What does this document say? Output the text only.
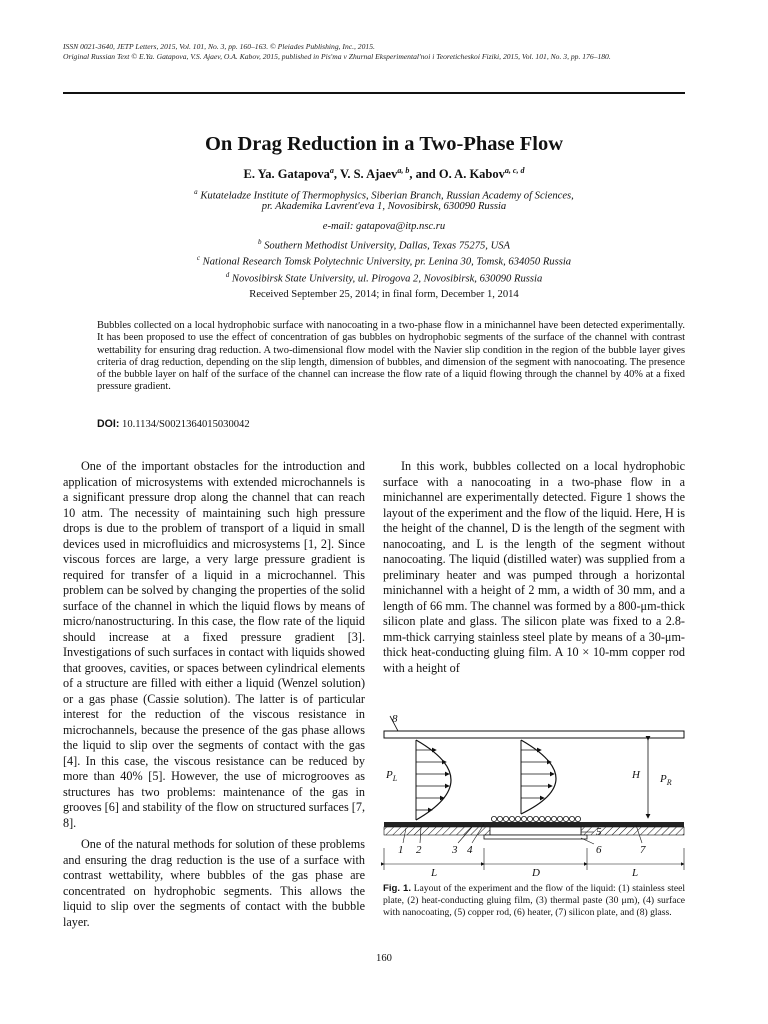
ISSN 0021-3640, JETP Letters, 2015, Vol. 101, No. 3, pp. 160–163. © Pleiades Publishing, Inc., 2015.
Original Russian Text © E.Ya. Gatapova, V.S. Ajaev, O.A. Kabov, 2015, published in Pis'ma v Zhurnal Eksperimental'noi i Teoreticheskoi Fiziki, 2015, Vol. 101, No. 3, pp. 176–180.
On Drag Reduction in a Two-Phase Flow
E. Ya. Gatapova$^a$, V. S. Ajaev$^{a, b}$, and O. A. Kabov$^{a, c, d}$
$^a$ Kutateladze Institute of Thermophysics, Siberian Branch, Russian Academy of Sciences,
pr. Akademika Lavrent'eva 1, Novosibirsk, 630090 Russia
e-mail: gatapova@itp.nsc.ru
$^b$ Southern Methodist University, Dallas, Texas 75275, USA
$^c$ National Research Tomsk Polytechnic University, pr. Lenina 30, Tomsk, 634050 Russia
$^d$ Novosibirsk State University, ul. Pirogova 2, Novosibirsk, 630090 Russia
Received September 25, 2014; in final form, December 1, 2014
Bubbles collected on a local hydrophobic surface with nanocoating in a two-phase flow in a minichannel have been detected experimentally. It has been proposed to use the effect of concentration of gas bubbles on hydrophobic segments of the surface of the channel with contrast wettability for ensuring drag reduction. A two-dimensional flow model with the Navier slip condition in the region of the bubble layer gives criteria of drag reduction, depending on the slip length, dimension of bubbles, and dimension of the segment with nanocoating. The presence of the bubble layer on half of the surface of the channel can increase the flow rate of a liquid flowing through the channel by 40% at a fixed pressure gradient.
DOI: 10.1134/S0021364015030042

One of the important obstacles for the introduction and application of microsystems with extended microchannels is a significant pressure drop along the channel that can reach 10 atm. The necessity of maintaining such high pressure drops is due to the problem of transport of a liquid in small devices used in microfluidics and microsystems [1, 2]. Since viscous forces are large, a very large pressure gradient is required for transfer of a liquid in a microchannel. This problem can be solved by changing the properties of the solid surface of the channel in which the liquid flows by means of micro/nanostructuring. In this case, the flow rate of the liquid should increase at a fixed pressure gradient [3]. Investigations of such surfaces in contact with liquids showed that grooves, cavities, or spaces between cylindrical elements of a structure are filled with either a liquid (Wenzel solution) or a gas phase (Cassie solution). The latter is of particular interest for the reduction of the viscous resistance in microchannels, because the presence of the gas phase allows the liquid to slip over the segments of contact with the gas [4]. In this case, the viscous resistance can be reduced by more than 40% [5]. However, the use of microgrooves as structures has two problems: maintenance of the gas in grooves [6] and stability of the flow on structured surfaces [7, 8].

One of the natural methods for solution of these problems and ensuring the drag reduction is the use of a surface with contrast wettability, where bubbles of the gas phase are concentrated on hydrophobic segments. This allows the liquid to slip over the segments of contact with the bubble layer.

In this work, bubbles collected on a local hydrophobic surface with a nanocoating in a two-phase flow in a minichannel are experimentally detected. Figure 1 shows the layout of the experiment and the flow of the liquid. Here, H is the height of the channel, D is the length of the segment with nanocoating, and L is the length of the segment without nanocoating. The liquid (distilled water) was supplied from a preliminary heater and was pumped through a horizontal minichannel with a height of 2 mm, a width of 30 mm, and a length of 66 mm. The channel was formed by a 800-μm-thick silicon plate and glass. The silicon plate was fixed to a 2.8-mm-thick carrying stainless steel plate by means of a 30-μm-thick heat-conducting gluing film. A 10 × 10-mm copper rod with a height of

8
$P_L$	H $P_R$
5
1 2	3 4	6	7
L	D	L
Fig. 1. Layout of the experiment and the flow of the liquid: (1) stainless steel plate, (2) heat-conducting gluing film, (3) thermal paste (30 μm), (4) surface with nanocoating, (5) copper rod, (6) heater, (7) silicon plate, and (8) glass.
160
